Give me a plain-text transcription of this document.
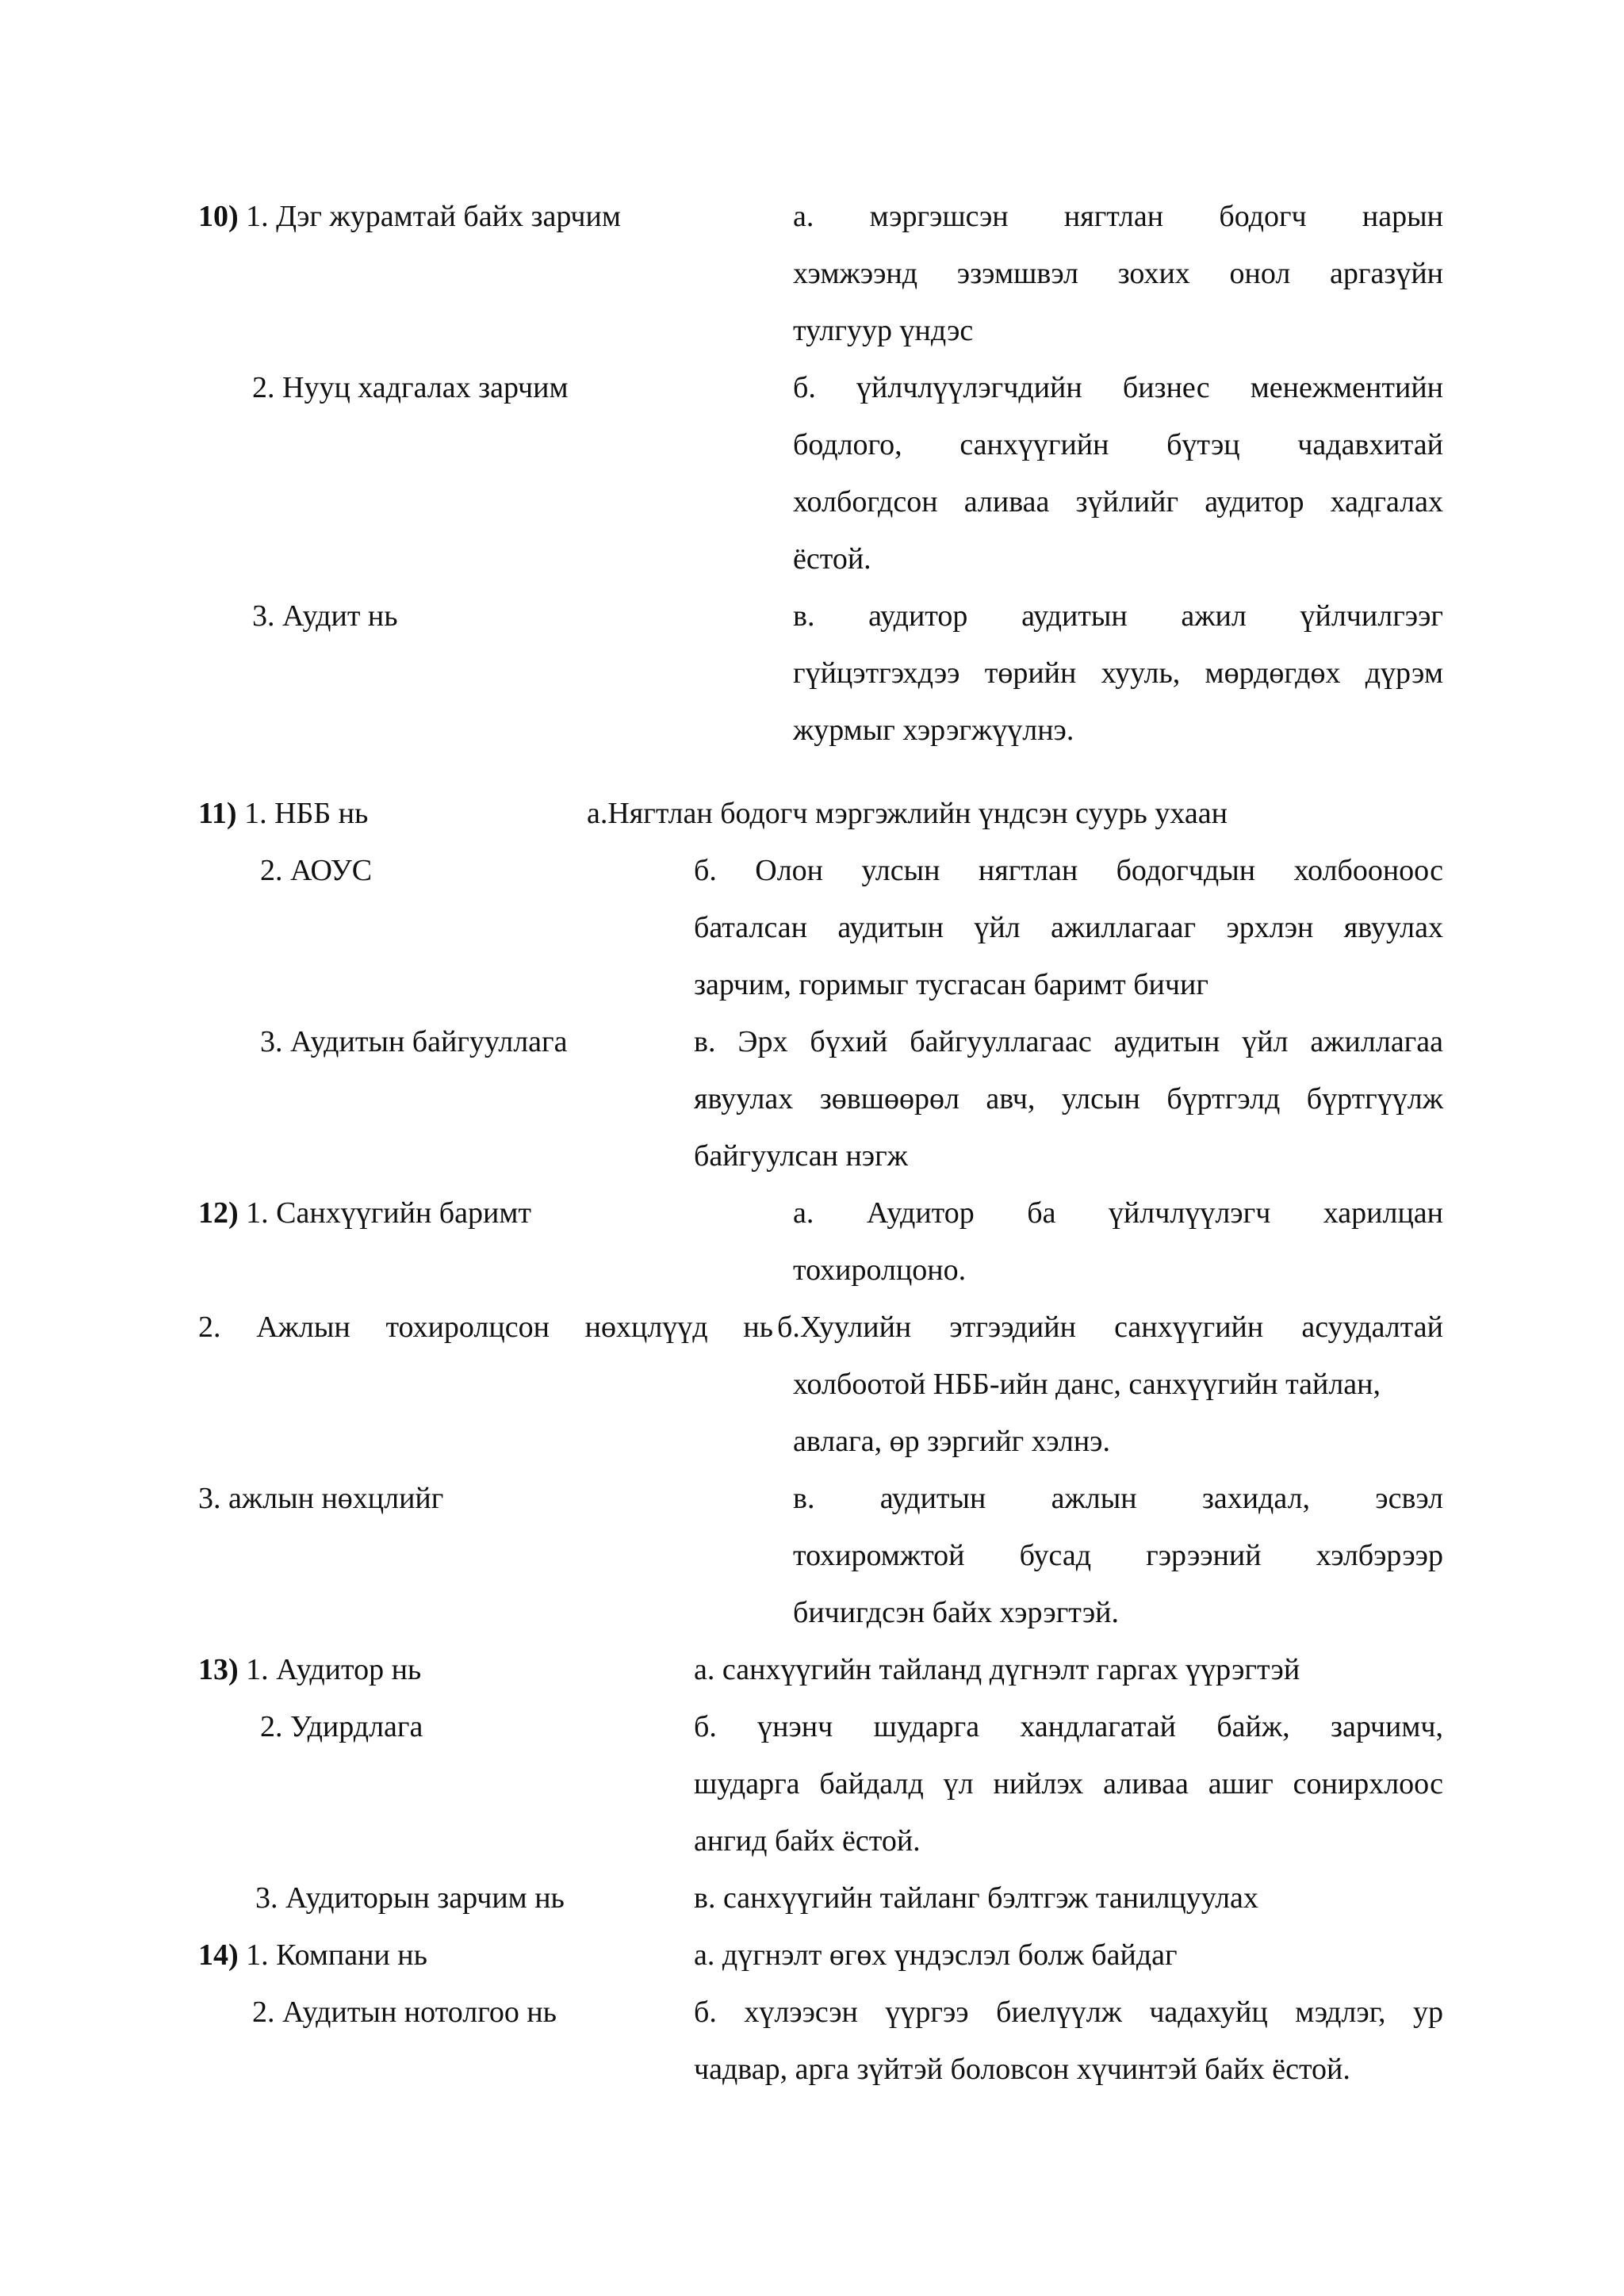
10) 1. Дэг журамтай байх зарчим	а. мэргэшсэн нягтлан бодогч нарын
хэмжээнд эзэмшвэл зохих онол аргазүйн
тулгуур үндэс
2. Нууц хадгалах зарчим	б. үйлчлүүлэгчдийн бизнес менежментийн
бодлого, санхүүгийн бүтэц чадавхитай
холбогдсон аливаа зүйлийг аудитор хадгалах
ёстой.
3. Аудит нь	в. аудитор аудитын ажил үйлчилгээг
гүйцэтгэхдээ төрийн хууль, мөрдөгдөх дүрэм
журмыг хэрэгжүүлнэ.
11) 1. НББ нь	а.Нягтлан бодогч мэргэжлийн үндсэн суурь ухаан
2. АОУС	б. Олон улсын нягтлан бодогчдын холбооноос
баталсан аудитын үйл ажиллагааг эрхлэн явуулах
зарчим, горимыг тусгасан баримт бичиг
3. Аудитын байгууллага	в. Эрх бүхий байгууллагаас аудитын үйл ажиллагаа
явуулах зөвшөөрөл авч, улсын бүртгэлд бүртгүүлж
байгуулсан нэгж
12) 1. Санхүүгийн баримт	а. Аудитор ба үйлчлүүлэгч харилцан
тохиролцоно.
2. Ажлын тохиролцсон нөхцлүүд нь б.Хуулийн этгээдийн санхүүгийн асуудалтай
холбоотой НББ-ийн данс, санхүүгийн тайлан,
авлага, өр зэргийг хэлнэ.
3. ажлын нөхцлийг	в. аудитын ажлын захидал, эсвэл
тохиромжтой бусад гэрээний хэлбэрээр
бичигдсэн байх хэрэгтэй.
13) 1. Аудитор нь	а. санхүүгийн тайланд дүгнэлт гаргах үүрэгтэй
2. Удирдлага	б. үнэнч шударга хандлагатай байж, зарчимч,
шударга байдалд үл нийлэх аливаа ашиг сонирхлоос
ангид байх ёстой.
3. Аудиторын зарчим нь	в. санхүүгийн тайланг бэлтгэж танилцуулах
14) 1. Компани нь	а. дүгнэлт өгөх үндэслэл болж байдаг
2. Аудитын нотолгоо нь	б. хүлээсэн үүргээ биелүүлж чадахуйц мэдлэг, ур
чадвар, арга зүйтэй боловсон хүчинтэй байх ёстой.
